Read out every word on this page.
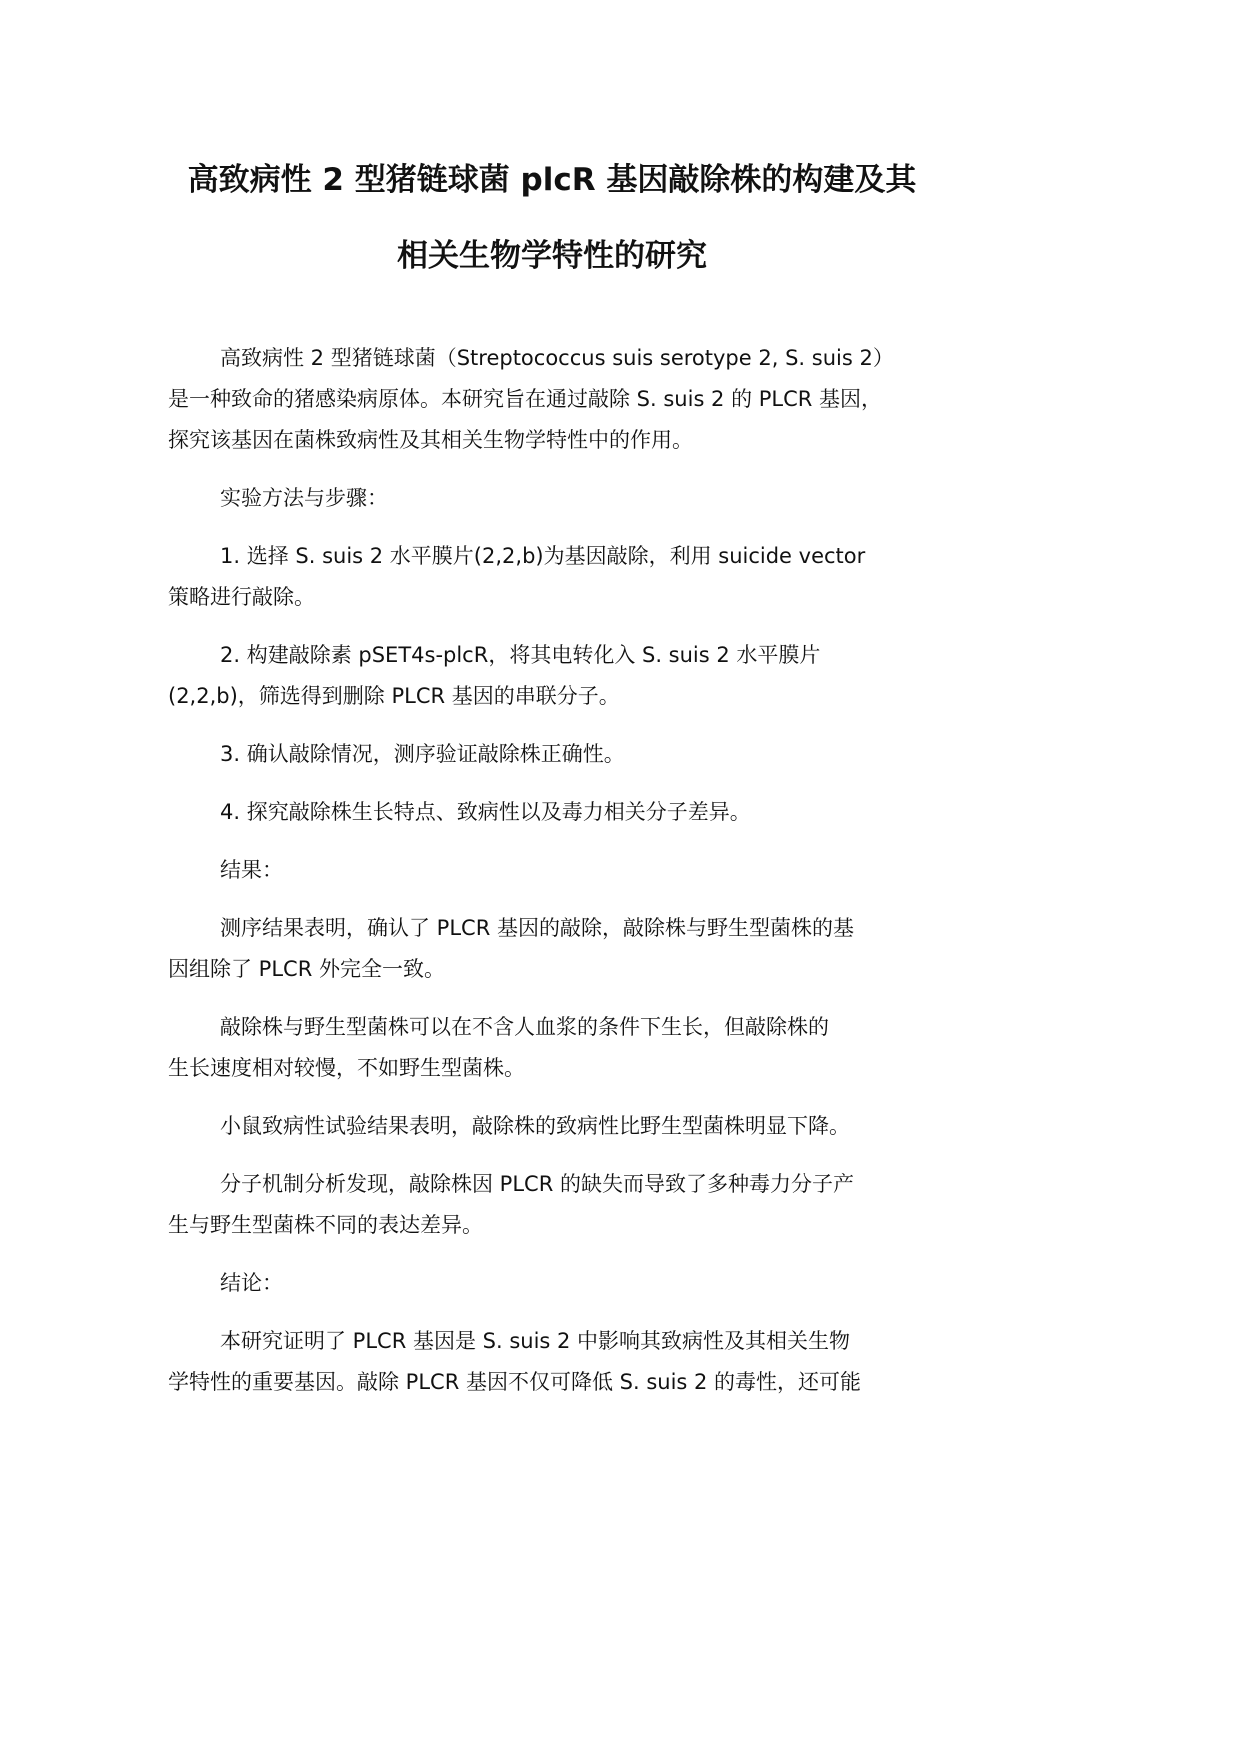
高致病性 2 型猪链球菌 plcR 基因敲除株的构建及其
相关生物学特性的研究

高致病性 2 型猪链球菌（Streptococcus suis serotype 2, S. suis 2）
是一种致命的猪感染病原体。本研究旨在通过敲除 S. suis 2 的 PLCR 基因，
探究该基因在菌株致病性及其相关生物学特性中的作用。

实验方法与步骤：

1. 选择 S. suis 2 水平膜片(2,2,b)为基因敲除，利用 suicide vector
策略进行敲除。

2. 构建敲除素 pSET4s-plcR，将其电转化入 S. suis 2 水平膜片
(2,2,b)，筛选得到删除 PLCR 基因的串联分子。

3. 确认敲除情况，测序验证敲除株正确性。

4. 探究敲除株生长特点、致病性以及毒力相关分子差异。

结果：

测序结果表明，确认了 PLCR 基因的敲除，敲除株与野生型菌株的基
因组除了 PLCR 外完全一致。

敲除株与野生型菌株可以在不含人血浆的条件下生长，但敲除株的
生长速度相对较慢，不如野生型菌株。

小鼠致病性试验结果表明，敲除株的致病性比野生型菌株明显下降。

分子机制分析发现，敲除株因 PLCR 的缺失而导致了多种毒力分子产
生与野生型菌株不同的表达差异。

结论：

本研究证明了 PLCR 基因是 S. suis 2 中影响其致病性及其相关生物
学特性的重要基因。敲除 PLCR 基因不仅可降低 S. suis 2 的毒性，还可能
